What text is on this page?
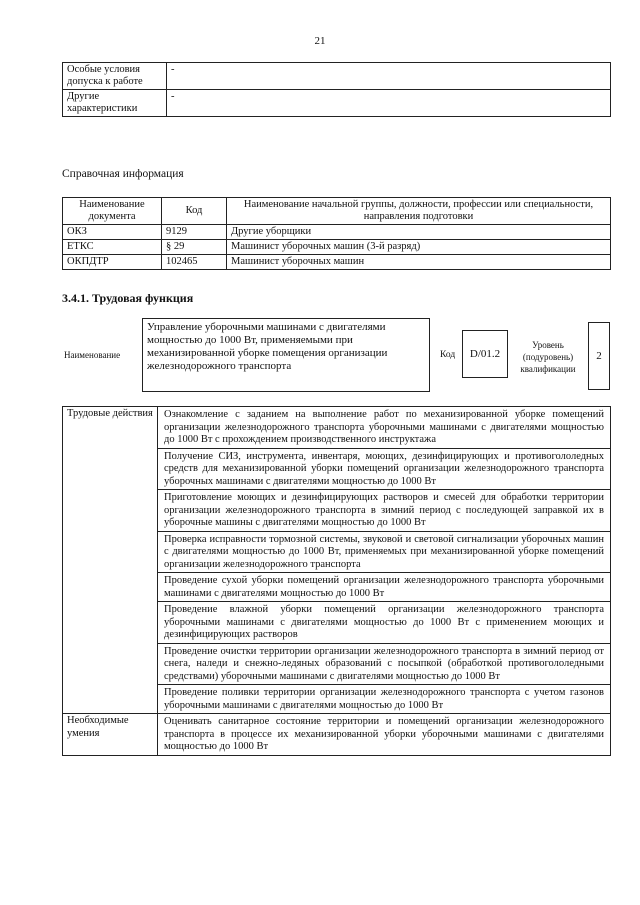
21
Особые условия допуска к работе	-
Другие характеристики	-
Справочная информация
Наименование документа	Код	Наименование начальной группы, должности, профессии или специальности, направления подготовки
ОКЗ	9129	Другие уборщики
ЕТКС	§ 29	Машинист уборочных машин (3-й разряд)
ОКПДТР	102465	Машинист уборочных машин
3.4.1. Трудовая функция
Наименование
Управление уборочными машинами с двигателями мощностью до 1000 Вт, применяемыми при механизированной уборке помещения организации железнодорожного транспорта
Код	D/01.2
Уровень (подуровень) квалификации
2
Трудовые действия	Ознакомление с заданием на выполнение работ по механизированной уборке помещений организации железнодорожного транспорта уборочными машинами с двигателями мощностью до 1000 Вт с прохождением производственного инструктажа
	Получение СИЗ, инструмента, инвентаря, моющих, дезинфицирующих и противогололедных средств для механизированной уборки помещений организации железнодорожного транспорта уборочных машинами с двигателями мощностью до 1000 Вт
	Приготовление моющих и дезинфицирующих растворов и смесей для обработки территории организации железнодорожного транспорта в зимний период с последующей заправкой их в уборочные машины с двигателями мощностью до 1000 Вт
	Проверка исправности тормозной системы, звуковой и световой сигнализации уборочных машин с двигателями мощностью до 1000 Вт, применяемых при механизированной уборке помещений организации железнодорожного транспорта
	Проведение сухой уборки помещений организации железнодорожного транспорта уборочными машинами с двигателями мощностью до 1000 Вт
	Проведение влажной уборки помещений организации железнодорожного транспорта уборочными машинами с двигателями мощностью до 1000 Вт с применением моющих и дезинфицирующих растворов
	Проведение очистки территории организации железнодорожного транспорта в зимний период от снега, наледи и снежно-ледяных образований с посыпкой (обработкой противогололедными средствами) уборочными машинами с двигателями мощностью до 1000 Вт
	Проведение поливки территории организации железнодорожного транспорта с учетом газонов уборочными машинами с двигателями мощностью до 1000 Вт
Необходимые умения	Оценивать санитарное состояние территории и помещений организации железнодорожного транспорта в процессе их механизированной уборки уборочными машинами с двигателями мощностью до 1000 Вт
